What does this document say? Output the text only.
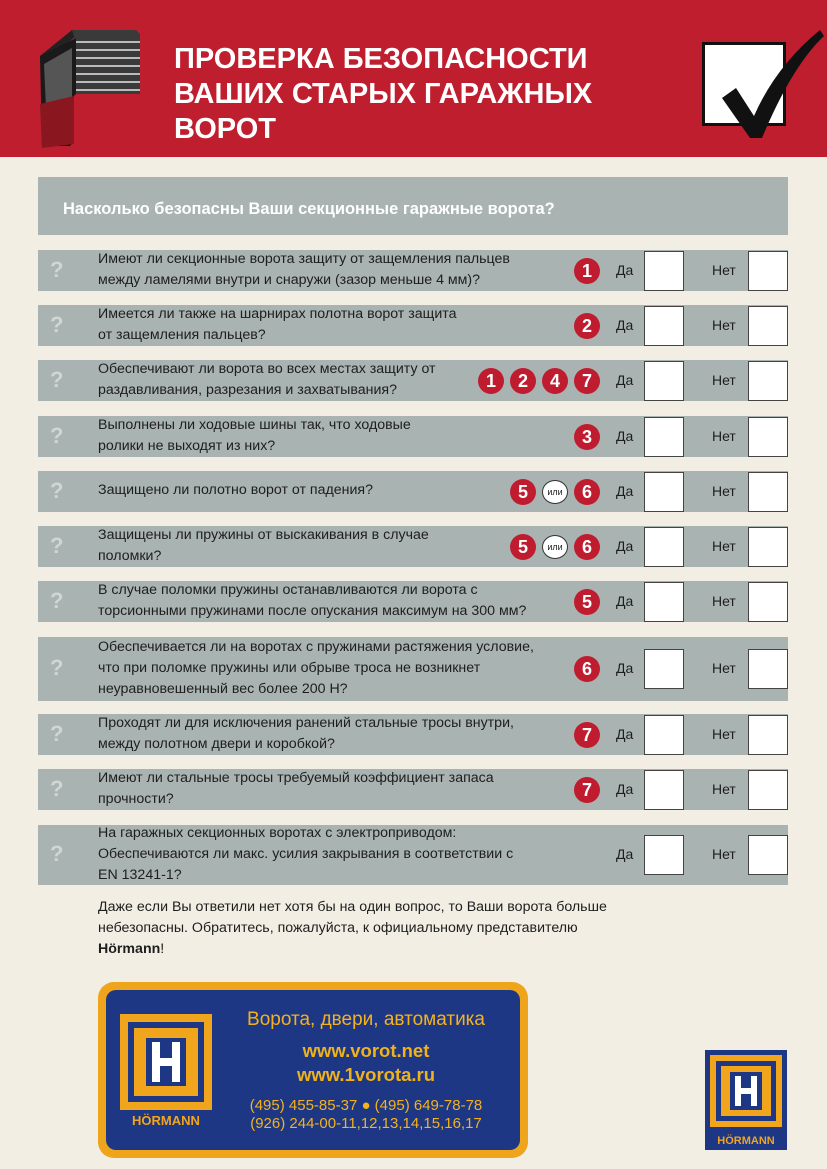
ПРОВЕРКА БЕЗОПАСНОСТИ
ВАШИХ СТАРЫХ ГАРАЖНЫХ
ВОРОТ
Насколько безопасны Ваши секционные гаражные ворота?
? Имеют ли секционные ворота защиту от защемления пальцев
между ламелями внутри и снаружи (зазор меньше 4 мм)?	1	Да	Нет
? Имеется ли также на шарнирах полотна ворот защита
от защемления пальцев?	2	Да	Нет
? Обеспечивают ли ворота во всех местах защиту от
раздавливания, разрезания и захватывания?	1	2	4	7	Да	Нет
? Выполнены ли ходовые шины так, что ходовые
ролики не выходят из них?	3	Да	Нет
? Защищено ли полотно ворот от падения?	5	или	6	Да	Нет
? Защищены ли пружины от выскакивания в случае
поломки?	5	или	6	Да	Нет
? В случае поломки пружины останавливаются ли ворота с
торсионными пружинами после опускания максимум на 300 мм?	5	Да	Нет
?
Обеспечивается ли на воротах с пружинами растяжения условие,
что при поломке пружины или обрыве троса не возникнет
неуравновешенный вес более 200 Н?
6	Да	Нет
? Проходят ли для исключения ранений стальные тросы внутри,
между полотном двери и коробкой?	7	Да	Нет
? Имеют ли стальные тросы требуемый коэффициент запаса
прочности?	7	Да	Нет
?
На гаражных секционных воротах с электроприводом:
Обеспечиваются ли макс. усилия закрывания в соответствии с
EN 13241-1?
Да	Нет
Даже если Вы ответили нет хотя бы на один вопрос, то Ваши ворота больше
небезопасны. Обратитесь, пожалуйста, к официальному представителю
Hörmann!
HÖRMANN
Ворота, двери, автоматика
www.vorot.net
www.1vorota.ru
(495) 455-85-37 ● (495) 649-78-78
(926) 244-00-11,12,13,14,15,16,17
HÖRMANN
